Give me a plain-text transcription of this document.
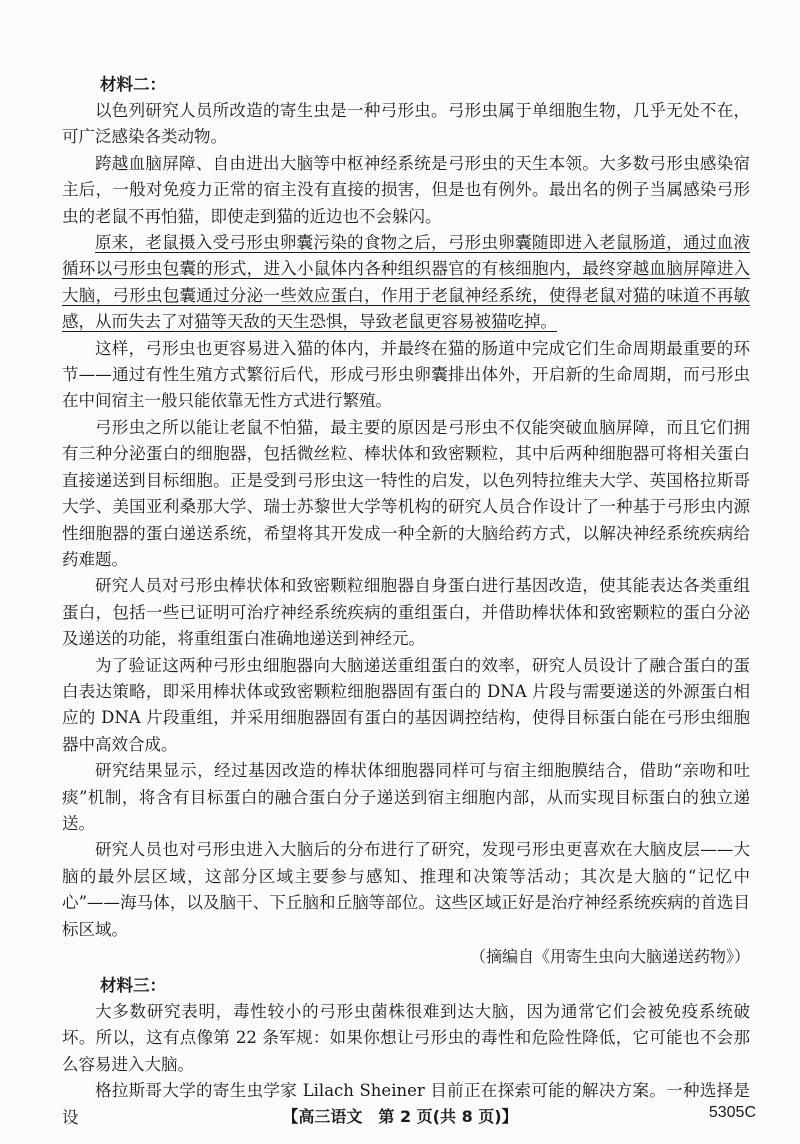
材料二：

以色列研究人员所改造的寄生虫是一种弓形虫。弓形虫属于单细胞生物，几乎无处不在，可广泛感染各类动物。

跨越血脑屏障、自由进出大脑等中枢神经系统是弓形虫的天生本领。大多数弓形虫感染宿主后，一般对免疫力正常的宿主没有直接的损害，但是也有例外。最出名的例子当属感染弓形虫的老鼠不再怕猫，即使走到猫的近边也不会躲闪。

原来，老鼠摄入受弓形虫卵囊污染的食物之后，弓形虫卵囊随即进入老鼠肠道，通过血液循环以弓形虫包囊的形式，进入小鼠体内各种组织器官的有核细胞内，最终穿越血脑屏障进入大脑，弓形虫包囊通过分泌一些效应蛋白，作用于老鼠神经系统，使得老鼠对猫的味道不再敏感，从而失去了对猫等天敌的天生恐惧，导致老鼠更容易被猫吃掉。

这样，弓形虫也更容易进入猫的体内，并最终在猫的肠道中完成它们生命周期最重要的环节——通过有性生殖方式繁衍后代，形成弓形虫卵囊排出体外，开启新的生命周期，而弓形虫在中间宿主一般只能依靠无性方式进行繁殖。

弓形虫之所以能让老鼠不怕猫，最主要的原因是弓形虫不仅能突破血脑屏障，而且它们拥有三种分泌蛋白的细胞器，包括微丝粒、棒状体和致密颗粒，其中后两种细胞器可将相关蛋白直接递送到目标细胞。正是受到弓形虫这一特性的启发，以色列特拉维夫大学、英国格拉斯哥大学、美国亚利桑那大学、瑞士苏黎世大学等机构的研究人员合作设计了一种基于弓形虫内源性细胞器的蛋白递送系统，希望将其开发成一种全新的大脑给药方式，以解决神经系统疾病给药难题。

研究人员对弓形虫棒状体和致密颗粒细胞器自身蛋白进行基因改造，使其能表达各类重组蛋白，包括一些已证明可治疗神经系统疾病的重组蛋白，并借助棒状体和致密颗粒的蛋白分泌及递送的功能，将重组蛋白准确地递送到神经元。

为了验证这两种弓形虫细胞器向大脑递送重组蛋白的效率，研究人员设计了融合蛋白的蛋白表达策略，即采用棒状体或致密颗粒细胞器固有蛋白的 DNA 片段与需要递送的外源蛋白相应的 DNA 片段重组，并采用细胞器固有蛋白的基因调控结构，使得目标蛋白能在弓形虫细胞器中高效合成。

研究结果显示，经过基因改造的棒状体细胞器同样可与宿主细胞膜结合，借助“亲吻和吐痰”机制，将含有目标蛋白的融合蛋白分子递送到宿主细胞内部，从而实现目标蛋白的独立递送。

研究人员也对弓形虫进入大脑后的分布进行了研究，发现弓形虫更喜欢在大脑皮层——大脑的最外层区域，这部分区域主要参与感知、推理和决策等活动；其次是大脑的“记忆中心”——海马体，以及脑干、下丘脑和丘脑等部位。这些区域正好是治疗神经系统疾病的首选目标区域。

（摘编自《用寄生虫向大脑递送药物》）
材料三：

大多数研究表明，毒性较小的弓形虫菌株很难到达大脑，因为通常它们会被免疫系统破坏。所以，这有点像第 22 条军规：如果你想让弓形虫的毒性和危险性降低，它可能也不会那么容易进入大脑。

格拉斯哥大学的寄生虫学家 Lilach Sheiner 目前正在探索可能的解决方案。一种选择是设	【高三语文　第 2 页(共 8 页)】	5305C
